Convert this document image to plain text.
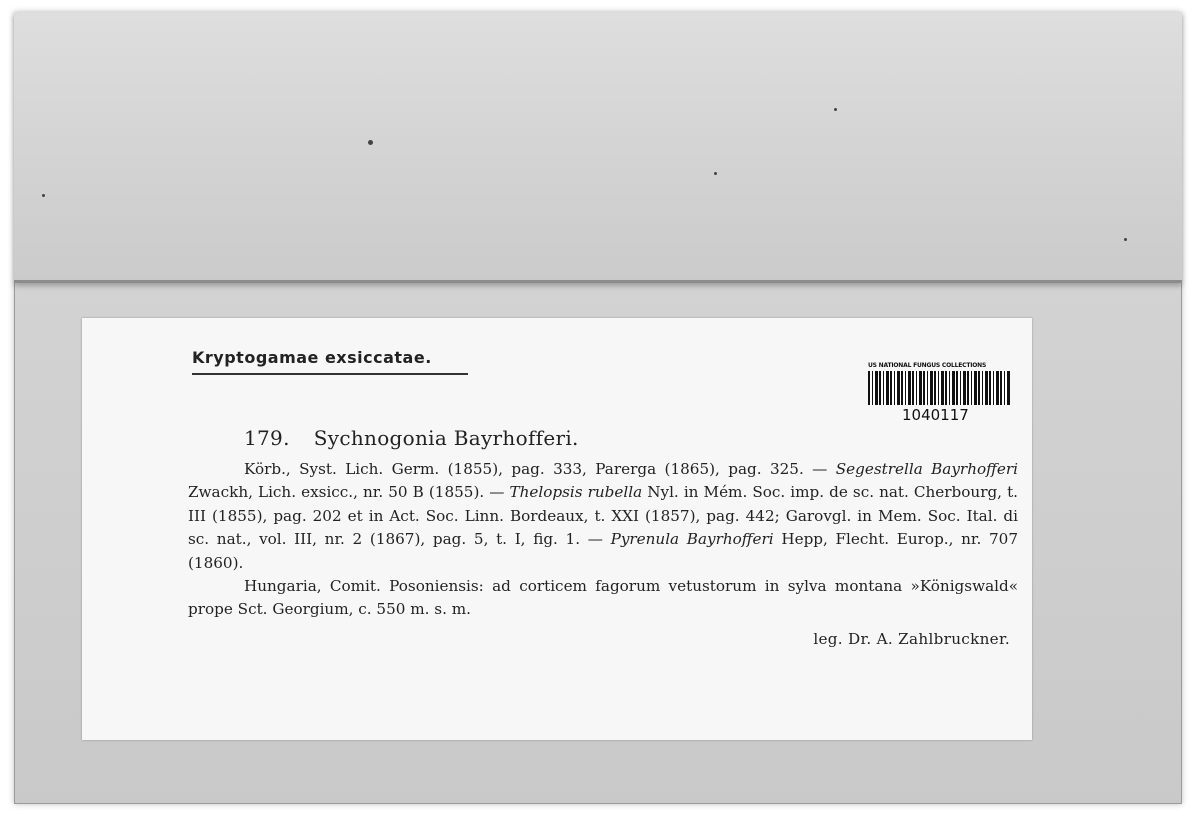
Kryptogamae exsiccatae.	US NATIONAL FUNGUS COLLECTIONS
1040117
179. Sychnogonia Bayrhofferi.
Körb., Syst. Lich. Germ. (1855), pag. 333, Parerga (1865), pag. 325. — Segestrella Bayrhofferi Zwackh, Lich. exsicc., nr. 50 B (1855). — Thelopsis rubella Nyl. in Mém. Soc. imp. de sc. nat. Cherbourg, t. III (1855), pag. 202 et in Act. Soc. Linn. Bordeaux, t. XXI (1857), pag. 442; Garovgl. in Mem. Soc. Ital. di sc. nat., vol. III, nr. 2 (1867), pag. 5, t. I, fig. 1. — Pyrenula Bayrhofferi Hepp, Flecht. Europ., nr. 707 (1860).
Hungaria, Comit. Posoniensis: ad corticem fagorum vetustorum in sylva montana »Königswald« prope Sct. Georgium, c. 550 m. s. m.
leg. Dr. A. Zahlbruckner.
